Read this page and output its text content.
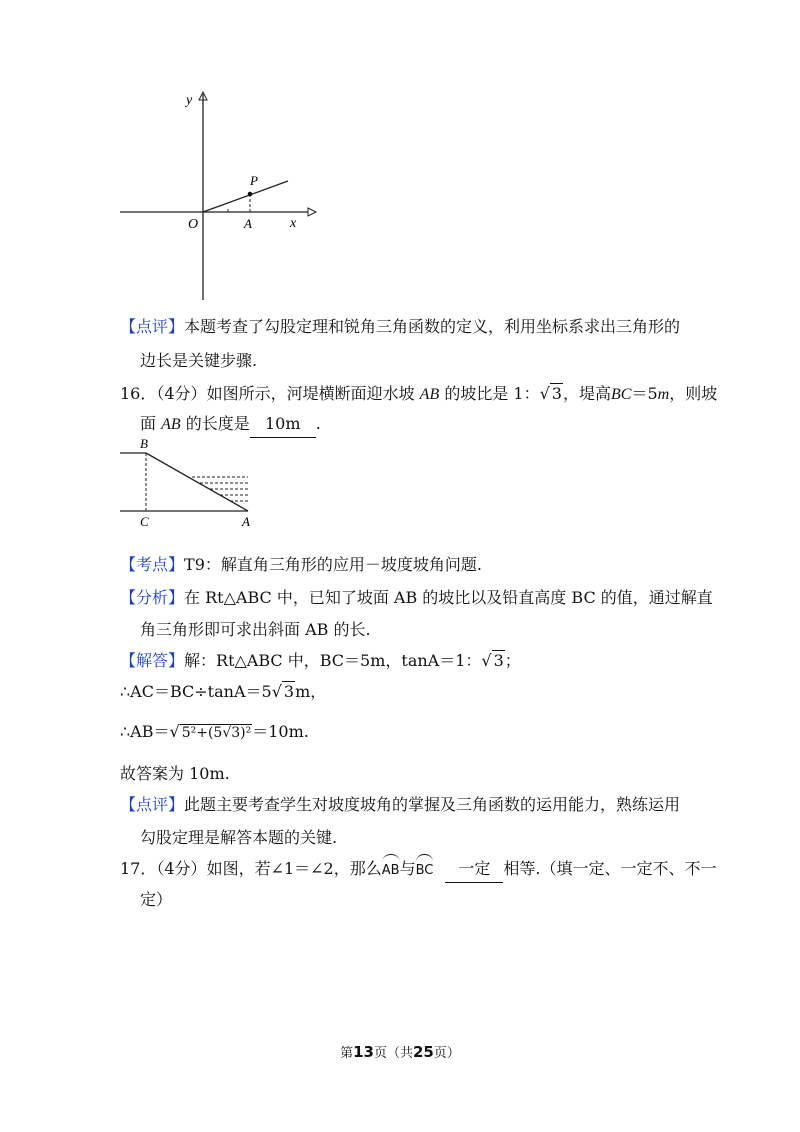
y
x
O
P
A
【点评】本题考查了勾股定理和锐角三角函数的定义，利用坐标系求出三角形的
边长是关键步骤.
16．（4分）如图所示，河堤横断面迎水坡 AB 的坡比是 1：√ 3，堤高BC＝5m，则坡
面 AB 的长度是 10m .
B
C	A
【考点】T9：解直角三角形的应用－坡度坡角问题.
【分析】在 Rt△ABC 中，已知了坡面 AB 的坡比以及铅直高度 BC 的值，通过解直
角三角形即可求出斜面 AB 的长.
【解答】解：Rt△ABC 中，BC＝5m，tanA＝1：√ 3；
∴AC＝BC÷tanA＝5√ 3m，
∴AB＝√ 5²+(5√3)²＝10m.
故答案为 10m.
【点评】此题主要考查学生对坡度坡角的掌握及三角函数的运用能力，熟练运用
勾股定理是解答本题的关键.
17．（4分）如图，若∠1＝∠2，那么AB与BC 一定 相等.（填一定、一定不、不一
定）
第13页（共25页）
